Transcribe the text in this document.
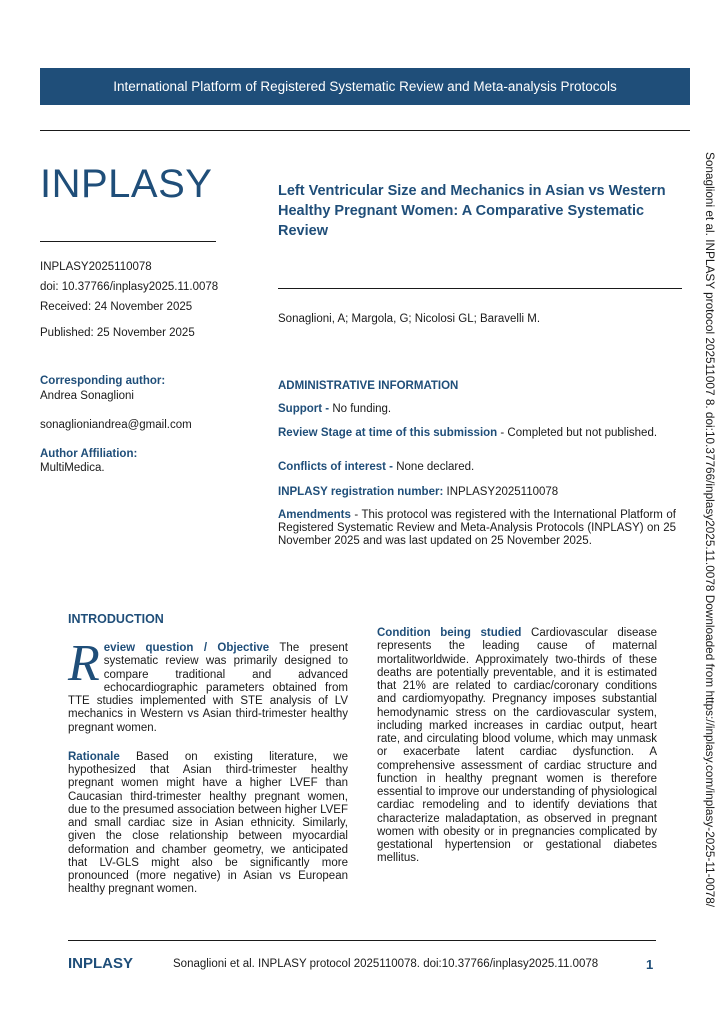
International Platform of Registered Systematic Review and Meta-analysis Protocols
INPLASY
INPLASY2025110078
doi: 10.37766/inplasy2025.11.0078
Received: 24 November 2025
Published: 25 November 2025
Left Ventricular Size and Mechanics in Asian vs Western Healthy Pregnant Women: A Comparative Systematic Review
Sonaglioni, A; Margola, G; Nicolosi GL; Baravelli M.
Corresponding author:
Andrea Sonaglioni
sonaglioniandrea@gmail.com
Author Affiliation:
MultiMedica.
ADMINISTRATIVE INFORMATION
Support - No funding.
Review Stage at time of this submission - Completed but not published.
Conflicts of interest - None declared.
INPLASY registration number: INPLASY2025110078
Amendments - This protocol was registered with the International Platform of Registered Systematic Review and Meta-Analysis Protocols (INPLASY) on 25 November 2025 and was last updated on 25 November 2025.	Sonaglioni et al. INPLASY protocol 202511007 8. doi:10.37766/inplasy2025.11.0078 Downloaded from https://inplasy.com/inplasy-2025-11-0078/
INTRODUCTION

R eview question / Objective The present systematic review was primarily designed to compare traditional and advanced echocardiographic parameters obtained from TTE studies implemented with STE analysis of LV mechanics in Western vs Asian third-trimester healthy pregnant women.

Rationale Based on existing literature, we hypothesized that Asian third-trimester healthy pregnant women might have a higher LVEF than Caucasian third-trimester healthy pregnant women, due to the presumed association between higher LVEF and small cardiac size in Asian ethnicity. Similarly, given the close relationship between myocardial deformation and chamber geometry, we anticipated that LV-GLS might also be significantly more pronounced (more negative) in Asian vs European healthy pregnant women.

Condition being studied Cardiovascular disease represents the leading cause of maternal mortalitworldwide. Approximately two-thirds of these deaths are potentially preventable, and it is estimated that 21% are related to cardiac/coronary conditions and cardiomyopathy. Pregnancy imposes substantial hemodynamic stress on the cardiovascular system, including marked increases in cardiac output, heart rate, and circulating blood volume, which may unmask or exacerbate latent cardiac dysfunction. A comprehensive assessment of cardiac structure and function in healthy pregnant women is therefore essential to improve our understanding of physiological cardiac remodeling and to identify deviations that characterize maladaptation, as observed in pregnant women with obesity or in pregnancies complicated by gestational hypertension or gestational diabetes mellitus.

INPLASY	Sonaglioni et al. INPLASY protocol 2025110078. doi:10.37766/inplasy2025.11.0078	1
